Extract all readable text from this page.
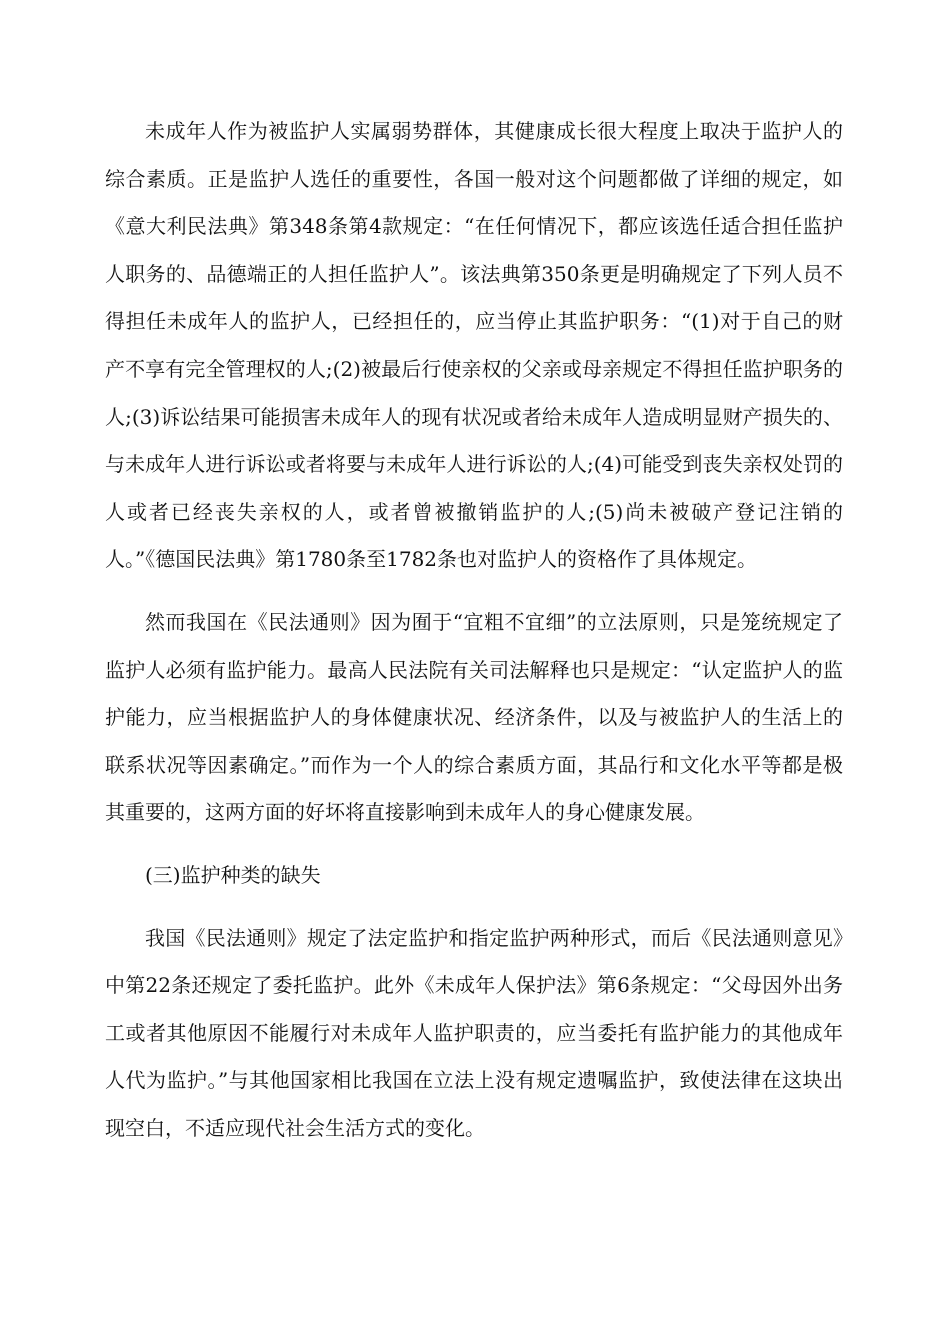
未成年人作为被监护人实属弱势群体，其健康成长很大程度上取决于监护人的综合素质。正是监护人选任的重要性，各国一般对这个问题都做了详细的规定，如《意大利民法典》第348条第4款规定：“在任何情况下，都应该选任适合担任监护人职务的、品德端正的人担任监护人”。该法典第350条更是明确规定了下列人员不得担任未成年人的监护人，已经担任的，应当停止其监护职务：“(1)对于自己的财产不享有完全管理权的人;(2)被最后行使亲权的父亲或母亲规定不得担任监护职务的人;(3)诉讼结果可能损害未成年人的现有状况或者给未成年人造成明显财产损失的、与未成年人进行诉讼或者将要与未成年人进行诉讼的人;(4)可能受到丧失亲权处罚的人或者已经丧失亲权的人，或者曾被撤销监护的人;(5)尚未被破产登记注销的人。”《德国民法典》第1780条至1782条也对监护人的资格作了具体规定。

然而我国在《民法通则》因为囿于“宜粗不宜细”的立法原则，只是笼统规定了监护人必须有监护能力。最高人民法院有关司法解释也只是规定：“认定监护人的监护能力，应当根据监护人的身体健康状况、经济条件，以及与被监护人的生活上的联系状况等因素确定。”而作为一个人的综合素质方面，其品行和文化水平等都是极其重要的，这两方面的好坏将直接影响到未成年人的身心健康发展。

(三)监护种类的缺失

我国《民法通则》规定了法定监护和指定监护两种形式，而后《民法通则意见》中第22条还规定了委托监护。此外《未成年人保护法》第6条规定：“父母因外出务工或者其他原因不能履行对未成年人监护职责的，应当委托有监护能力的其他成年人代为监护。”与其他国家相比我国在立法上没有规定遗嘱监护，致使法律在这块出现空白，不适应现代社会生活方式的变化。
